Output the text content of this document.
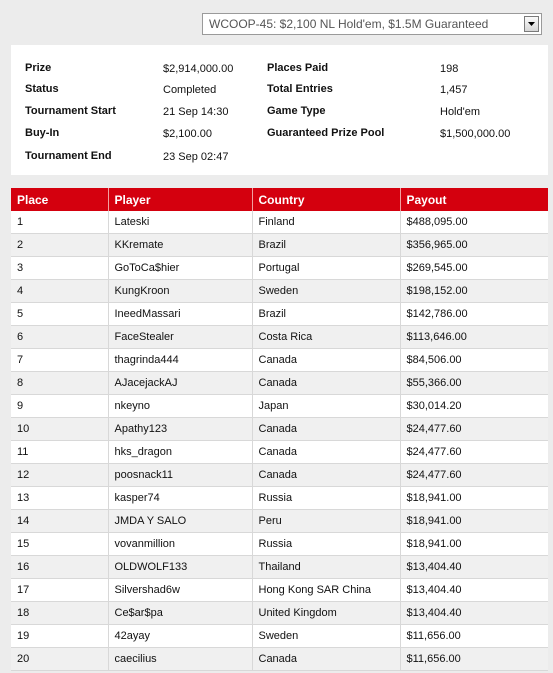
WCOOP-45: $2,100 NL Hold'em, $1.5M Guaranteed
Prize	$2,914,000.00
Status	Completed
Tournament Start	21 Sep 14:30
Buy-In	$2,100.00
Tournament End	23 Sep 02:47
Places Paid	198
Total Entries	1,457
Game Type	Hold'em
Guaranteed Prize Pool	$1,500,000.00
Place	Player	Country	Payout
1	Lateski	Finland	$488,095.00
2	KKremate	Brazil	$356,965.00
3	GoToCa$hier	Portugal	$269,545.00
4	KungKroon	Sweden	$198,152.00
5	IneedMassari	Brazil	$142,786.00
6	FaceStealer	Costa Rica	$113,646.00
7	thagrinda444	Canada	$84,506.00
8	AJacejackAJ	Canada	$55,366.00
9	nkeyno	Japan	$30,014.20
10	Apathy123	Canada	$24,477.60
11	hks_dragon	Canada	$24,477.60
12	poosnack11	Canada	$24,477.60
13	kasper74	Russia	$18,941.00
14	JMDA Y SALO	Peru	$18,941.00
15	vovanmillion	Russia	$18,941.00
16	OLDWOLF133	Thailand	$13,404.40
17	Silvershad6w	Hong Kong SAR China	$13,404.40
18	Ce$ar$pa	United Kingdom	$13,404.40
19	42ayay	Sweden	$11,656.00
20	caecilius	Canada	$11,656.00
